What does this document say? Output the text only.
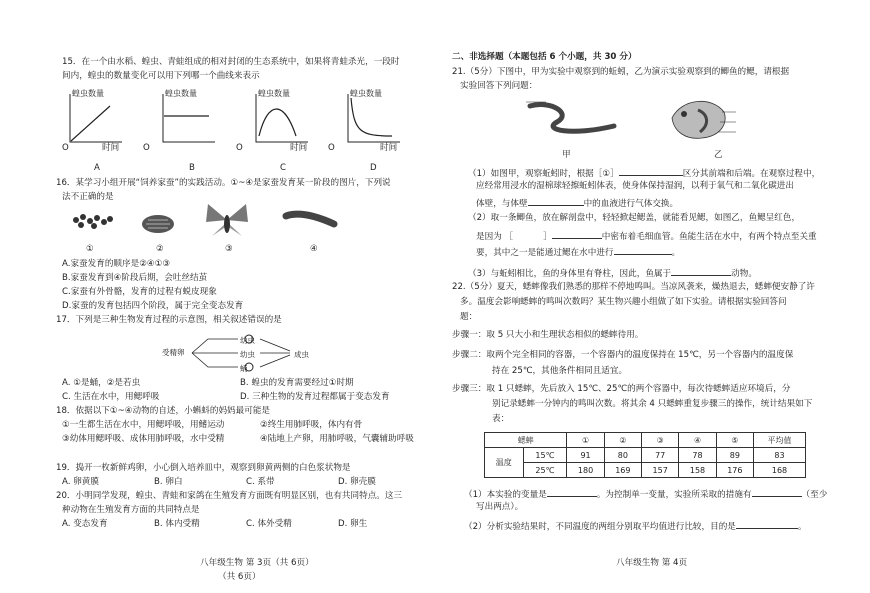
15．在一个由水稻、蝗虫、青蛙组成的相对封闭的生态系统中，如果将青蛙杀光，一段时
间内，蝗虫的数量变化可以用下列哪一个曲线来表示
蝗虫数量
O	时间
A
蝗虫数量
O
B
蝗虫数量
O	时间
C
蝗虫数量
O	时间
D
16．某学习小组开展“饲养家蚕”的实践活动。①~④是家蚕发育某一阶段的图片，下列说
法不正确的是
①	②	③	④
A.家蚕发育的顺序是②④①③
B.家蚕发育到④阶段后期，会吐丝结茧
C.家蚕有外骨骼，发育的过程有蜕皮现象
D.家蚕的发育包括四个阶段，属于完全变态发育
17．下列是三种生物发育过程的示意图，相关叙述错误的是
受精卵
幼虫
幼虫
蛹
成虫
A. ①是蛹，②是若虫	B. 蝗虫的发育需要经过①时期
C. 生活在水中，用鳃呼吸	D. 三种生物的发育过程都属于变态发育
18．依据以下①~④动物的自述，小蝌蚪的妈妈最可能是
①一生都生活在水中，用鳃呼吸，用鳍运动	②终生用肺呼吸，体内有骨
③幼体用鳃呼吸、成体用肺呼吸，水中受精	④陆地上产卵，用肺呼吸，气囊辅助呼吸
19．捣开一枚新鲜鸡卵，小心倒入培养皿中，观察到卵黄两侧的白色浆状物是
A. 卵黄膜	B. 卵白	C. 系带	D. 卵壳膜
20．小明同学发现，蝗虫、青蛙和家鸽在生殖发育方面既有明显区别，也有共同特点。这三
种动物在生殖发育方面的共同特点是
A. 变态发育	B. 体内受精	C. 体外受精	D. 卵生
八年级生物 第 3页（共 6页）
（共 6页）
二、非选择题（本题包括 6 个小题，共 30 分）
21.（5分）下图中，甲为实验中观察到的蚯蚓，乙为演示实验观察到的鲫鱼的鳃，请根据
实验回答下列问题：
甲	乙
（1）如图甲，观察蚯蚓时，根据［①］	区分其前端和后端。在观察过程中，
应经常用浸水的湿棉球轻擦蚯蚓体表，使身体保持湿润，以利于氧气和二氧化碳进出
体壁，与体壁	中的血液进行气体交换。
（2）取一条鲫鱼，放在解剖盘中，轻轻掀起鳃盖，就能看见鳃，如图乙，鱼鳃呈红色，
是因为 ［	］	中密布着毛细血管。鱼能生活在水中，有两个特点至关重
要，其中之一是能通过鳃在水中进行	。
（3）与蚯蚓相比，鱼的身体里有脊柱，因此，鱼属于	动物。
22.（5分）夏天，蟋蟀像我们熟悉的那样不停地鸣叫。当凉风袭来，燥热退去，蟋蟀便安静了许
多。温度会影响蟋蟀的鸣叫次数吗？某生物兴趣小组做了如下实验。请根据实验回答问
题：
步骤一：取 5 只大小和生理状态相似的蟋蟀待用。
步骤二：取两个完全相同的容器，一个容器内的温度保持在 15℃，另一个容器内的温度保
持在 25℃，其他条件相同且适宜。
步骤三：取 1 只蟋蟀，先后放入 15℃、25℃的两个容器中，每次待蟋蟀适应环境后，分
别记录蟋蟀一分钟内的鸣叫次数。将其余 4 只蟋蟀重复步骤三的操作，统计结果如下
表：
蟋蟀		①	②	③	④	⑤	平均值
温度	15℃	91	80	77	78	89	83
	25℃	180	169	157	158	176	168
（1）本实验的变量是	。为控制单一变量，实验所采取的措施有	（至少
写出两点）。
（2）分析实验结果时，不同温度的两组分别取平均值进行比较，目的是	。
八年级生物 第 4页
